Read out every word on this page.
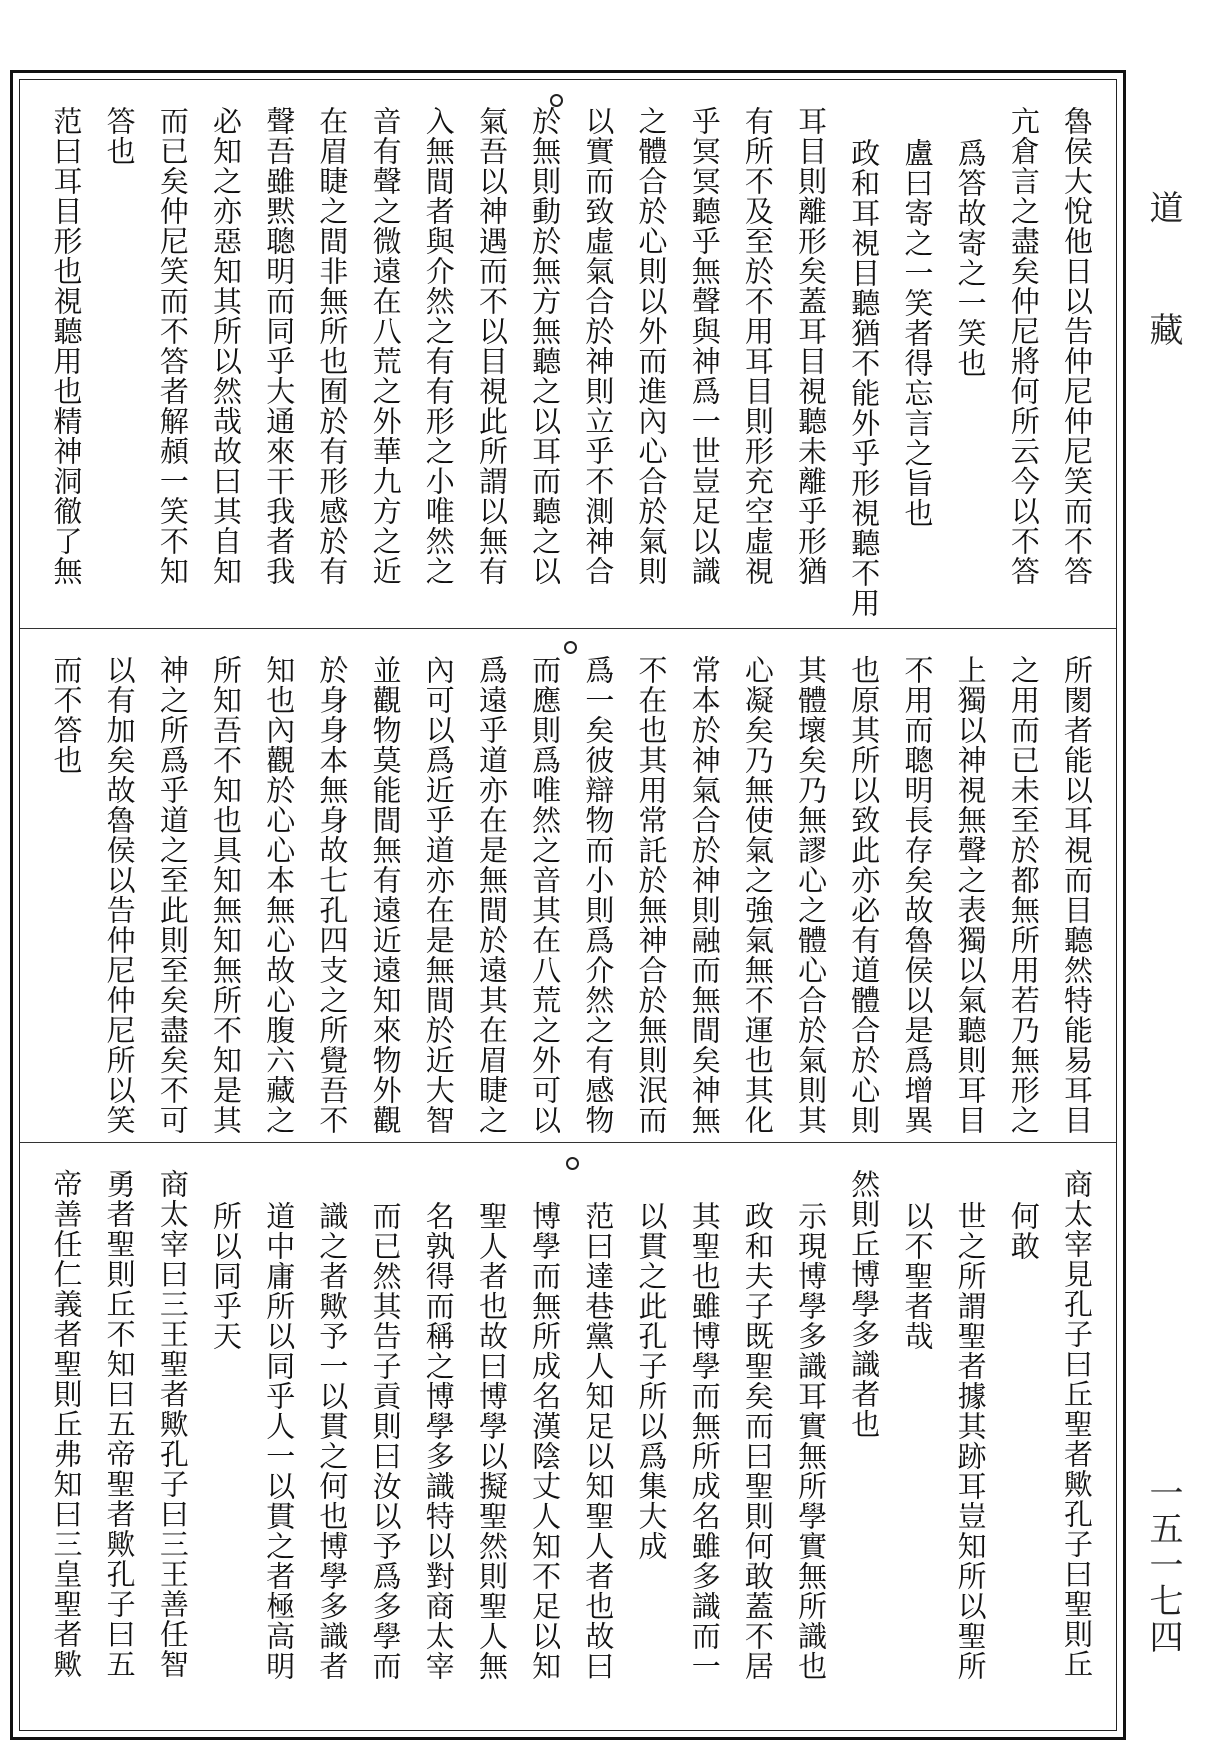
道
藏
一五一七四
魯侯大悅他日以告仲尼仲尼笑而不答
亢倉言之盡矣仲尼將何所云今以不答
爲答故寄之一笑也
盧曰寄之一笑者得忘言之旨也
政和耳視目聽猶不能外乎形視聽不用
耳目則離形矣蓋耳目視聽未離乎形猶
有所不及至於不用耳目則形充空虛視
乎冥冥聽乎無聲與神爲一世豈足以識
之體合於心則以外而進內心合於氣則
以實而致虛氣合於神則立乎不測神合
於無則動於無方無聽之以耳而聽之以
氣吾以神遇而不以目視此所謂以無有
入無間者與介然之有有形之小唯然之
音有聲之微遠在八荒之外華九方之近
在眉睫之間非無所也囿於有形感於有
聲吾雖黙聰明而同乎大通來干我者我
必知之亦惡知其所以然哉故曰其自知
而已矣仲尼笑而不答者解頳一笑不知
答也
范曰耳目形也視聽用也精神洞徹了無
所閡者能以耳視而目聽然特能易耳目
之用而已未至於都無所用若乃無形之
上獨以神視無聲之表獨以氣聽則耳目
不用而聰明長存矣故魯侯以是爲增異
也原其所以致此亦必有道體合於心則
其體壞矣乃無謬心之體心合於氣則其
心凝矣乃無使氣之強氣無不運也其化
常本於神氣合於神則融而無間矣神無
不在也其用常託於無神合於無則泯而
爲一矣彼辯物而小則爲介然之有感物
而應則爲唯然之音其在八荒之外可以
爲遠乎道亦在是無間於遠其在眉睫之
內可以爲近乎道亦在是無間於近大智
並觀物莫能間無有遠近遠知來物外觀
於身身本無身故七孔四支之所覺吾不
知也內觀於心心本無心故心腹六藏之
所知吾不知也具知無知無所不知是其
神之所爲乎道之至此則至矣盡矣不可
以有加矣故魯侯以告仲尼仲尼所以笑
而不答也
商太宰見孔子曰丘聖者歟孔子曰聖則丘
何敢
世之所謂聖者據其跡耳豈知所以聖所
以不聖者哉
然則丘博學多識者也
示現博學多識耳實無所學實無所識也
政和夫子既聖矣而曰聖則何敢蓋不居
其聖也雖博學而無所成名雖多識而一
以貫之此孔子所以爲集大成
范曰達巷黨人知足以知聖人者也故曰
博學而無所成名漢陰丈人知不足以知
聖人者也故曰博學以擬聖然則聖人無
名孰得而稱之博學多識特以對商太宰
而已然其告子貢則曰汝以予爲多學而
識之者歟予一以貫之何也博學多識者
道中庸所以同乎人一以貫之者極高明
所以同乎天
商太宰曰三王聖者歟孔子曰三王善任智
勇者聖則丘不知曰五帝聖者歟孔子曰五
帝善任仁義者聖則丘弗知曰三皇聖者歟
